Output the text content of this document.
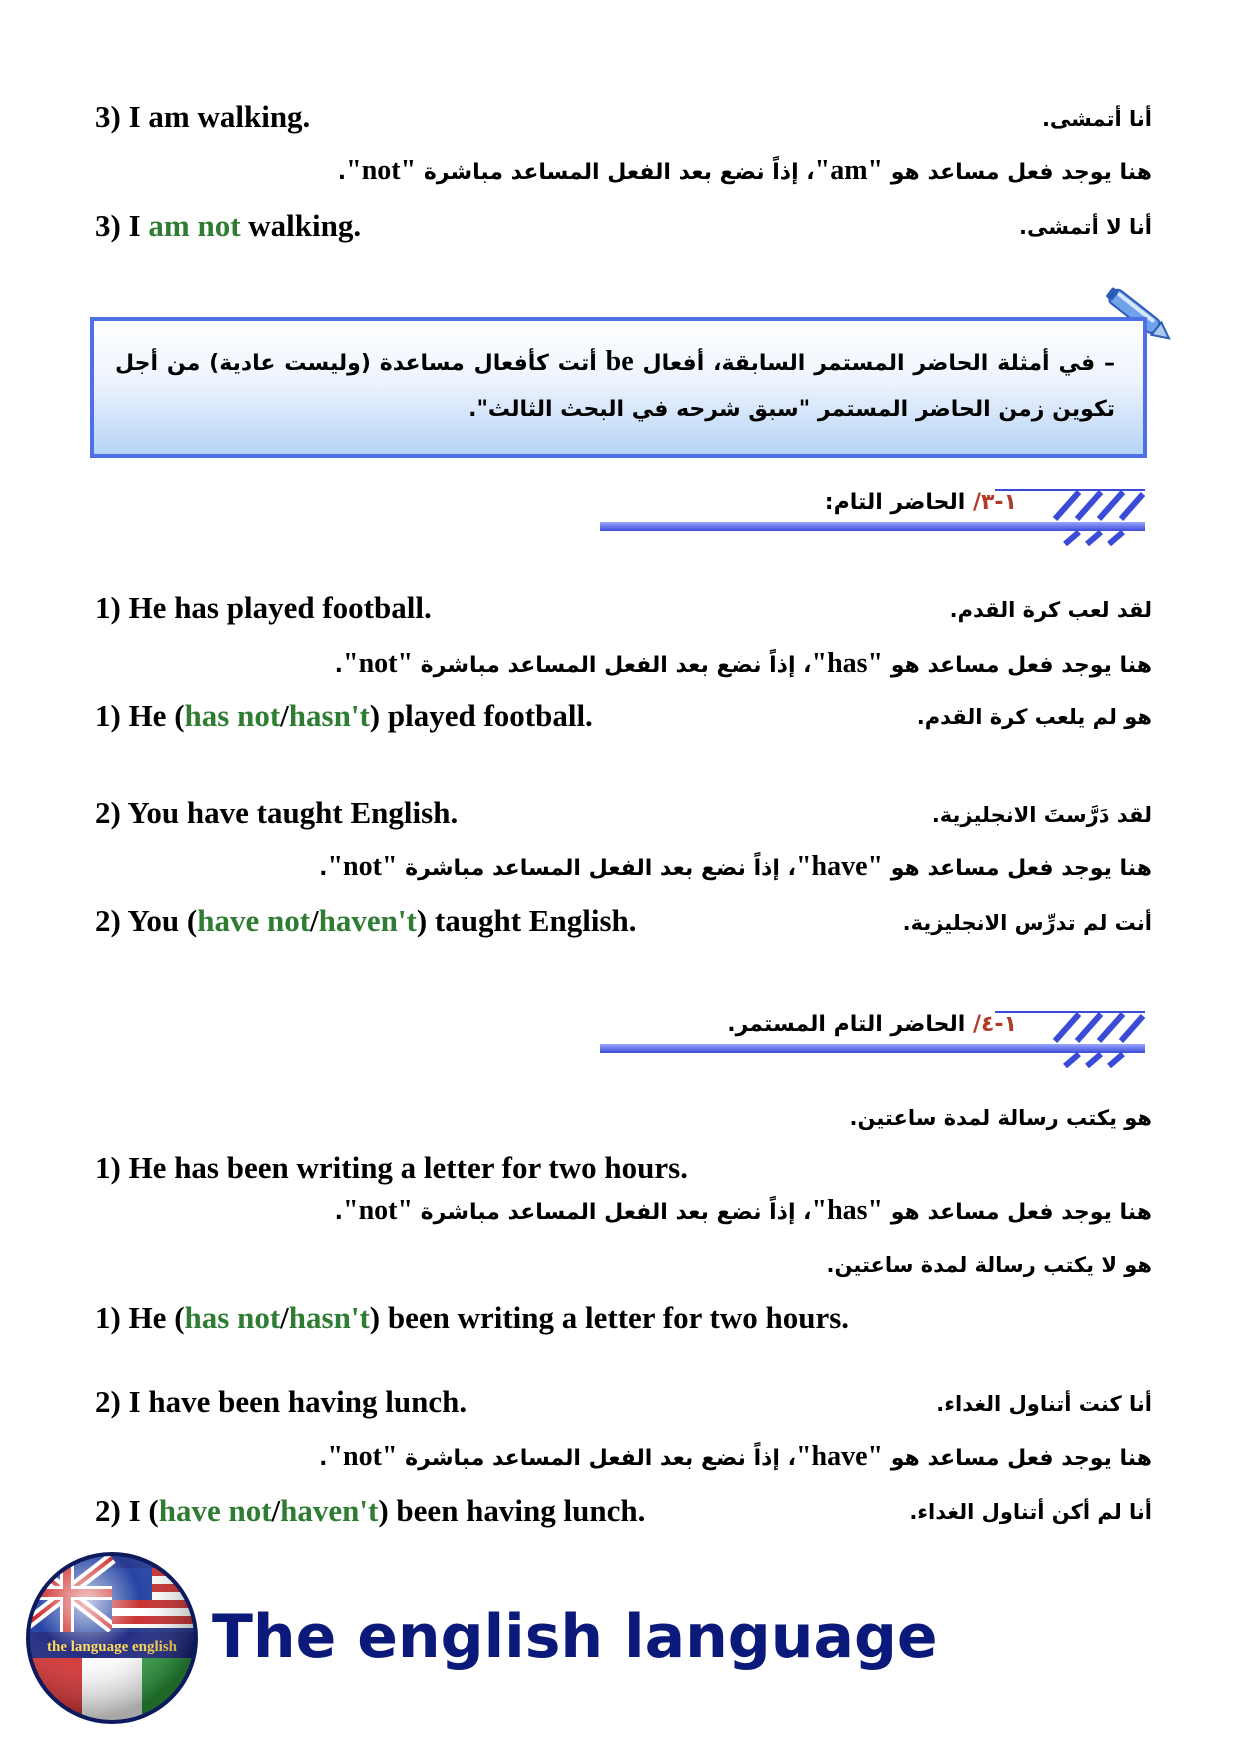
3) I am walking.	أنا أتمشى.
هنا يوجد فعل مساعد هو "am"، إذاً نضع بعد الفعل المساعد مباشرة "not".
3) I am not walking.	أنا لا أتمشى.
– في أمثلة الحاضر المستمر السابقة، أفعال be أتت كأفعال مساعدة (وليست عادية) من أجل تكوين زمن الحاضر المستمر "سبق شرحه في البحث الثالث".
١-٣/ الحاضر التام:
1) He has played football.	لقد لعب كرة القدم.
هنا يوجد فعل مساعد هو "has"، إذاً نضع بعد الفعل المساعد مباشرة "not".
1) He (has not/hasn't) played football.	هو لم يلعب كرة القدم.
2) You have taught English.	لقد دَرَّستَ الانجليزية.
هنا يوجد فعل مساعد هو "have"، إذاً نضع بعد الفعل المساعد مباشرة "not".
2) You (have not/haven't) taught English.	أنت لم تدرِّس الانجليزية.
١-٤/ الحاضر التام المستمر.
هو يكتب رسالة لمدة ساعتين.
1) He has been writing a letter for two hours.
هنا يوجد فعل مساعد هو "has"، إذاً نضع بعد الفعل المساعد مباشرة "not".
هو لا يكتب رسالة لمدة ساعتين.
1) He (has not/hasn't) been writing a letter for two hours.
2) I have been having lunch.	أنا كنت أتناول الغداء.
هنا يوجد فعل مساعد هو "have"، إذاً نضع بعد الفعل المساعد مباشرة "not".
2) I (have not/haven't) been having lunch.	أنا لم أكن أتناول الغداء.
The english language
